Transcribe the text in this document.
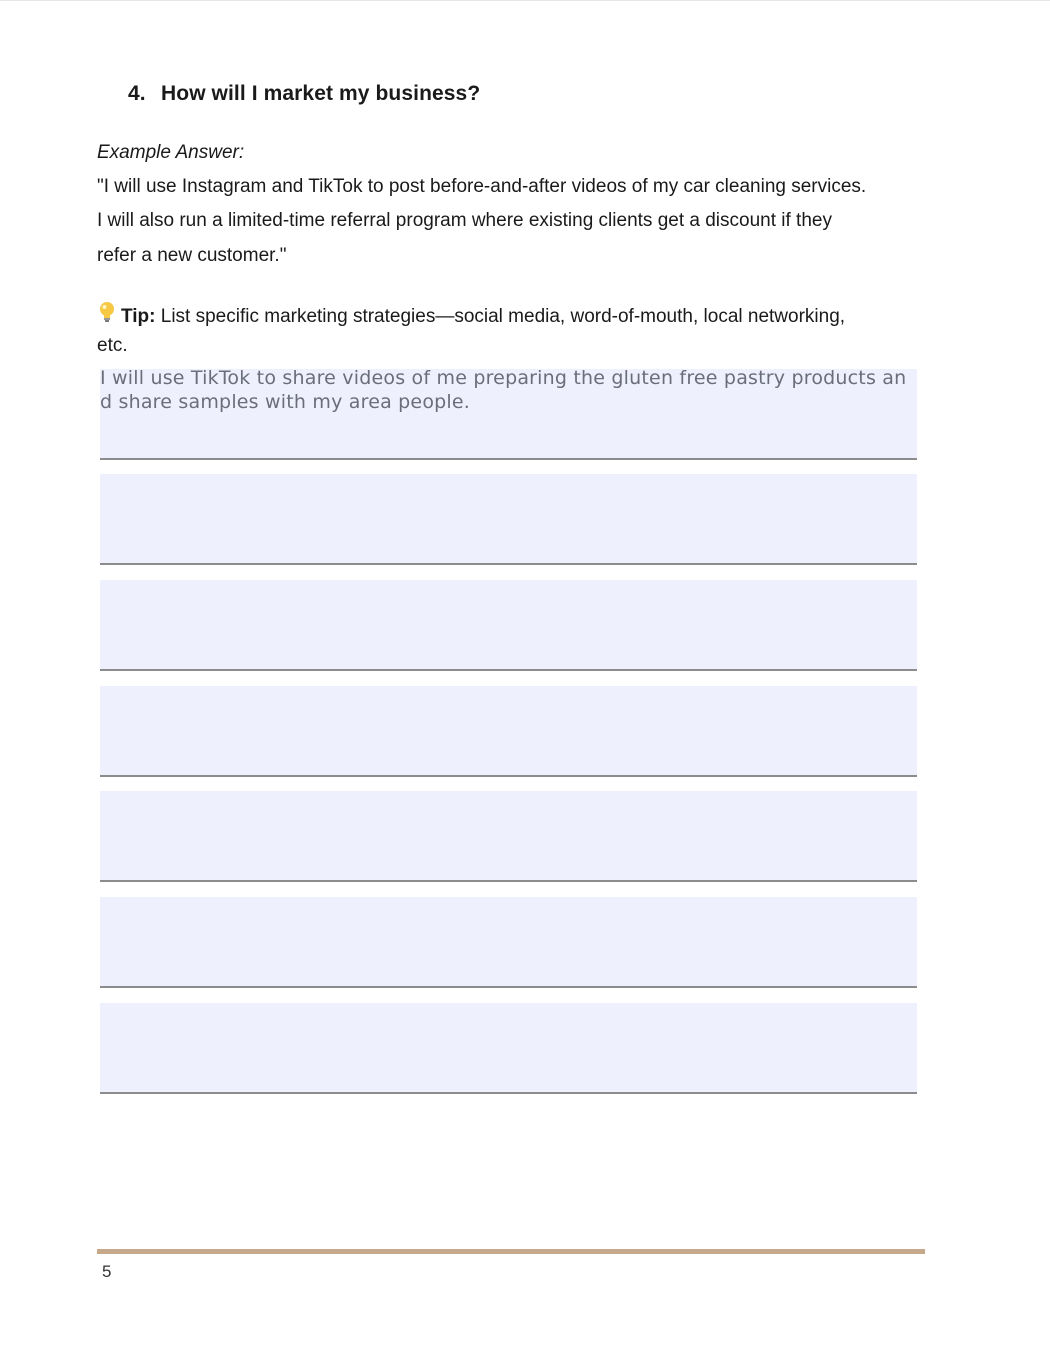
4. How will I market my business?

Example Answer:

"I will use Instagram and TikTok to post before-and-after videos of my car cleaning services.

I will also run a limited-time referral program where existing clients get a discount if they

refer a new customer."

Tip: List specific marketing strategies—social media, word-of-mouth, local networking,

etc.

I will use TikTok to share videos of me preparing the gluten free pastry products and share samples with my area people.

5
